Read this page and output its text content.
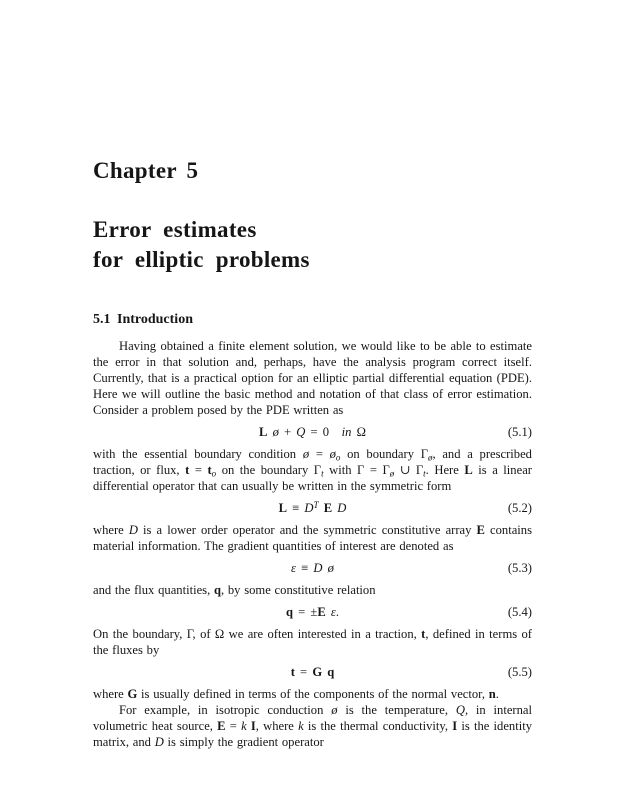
Chapter 5
Error estimates
for elliptic problems
5.1 Introduction

Having obtained a finite element solution, we would like to be able to estimate the error in that solution and, perhaps, have the analysis program correct itself. Currently, that is a practical option for an elliptic partial differential equation (PDE). Here we will outline the basic method and notation of that class of error estimation. Consider a problem posed by the PDE written as

L ø + Q = 0  in Ω	(5.1)

with the essential boundary condition ø = $ø_o$ on boundary $\Gamma_ø$, and a prescribed traction, or flux, $t = t_o$ on the boundary $\Gamma_t$ with $\Gamma = \Gamma_ø$ ∪ $\Gamma_t$. Here L is a linear differential operator that can usually be written in the symmetric form

$L \equiv D^T$ E D	(5.2)

where D is a lower order operator and the symmetric constitutive array E contains material information. The gradient quantities of interest are denoted as

ε ≡ D ø	(5.3)

and the flux quantities, q, by some constitutive relation

q = ±E ε.	(5.4)

On the boundary, Γ, of Ω we are often interested in a traction, t, defined in terms of the fluxes by

t = G q	(5.5)

where G is usually defined in terms of the components of the normal vector, n.

For example, in isotropic conduction ø is the temperature, Q, in internal volumetric heat source, E = k I, where k is the thermal conductivity, I is the identity matrix, and D is simply the gradient operator
